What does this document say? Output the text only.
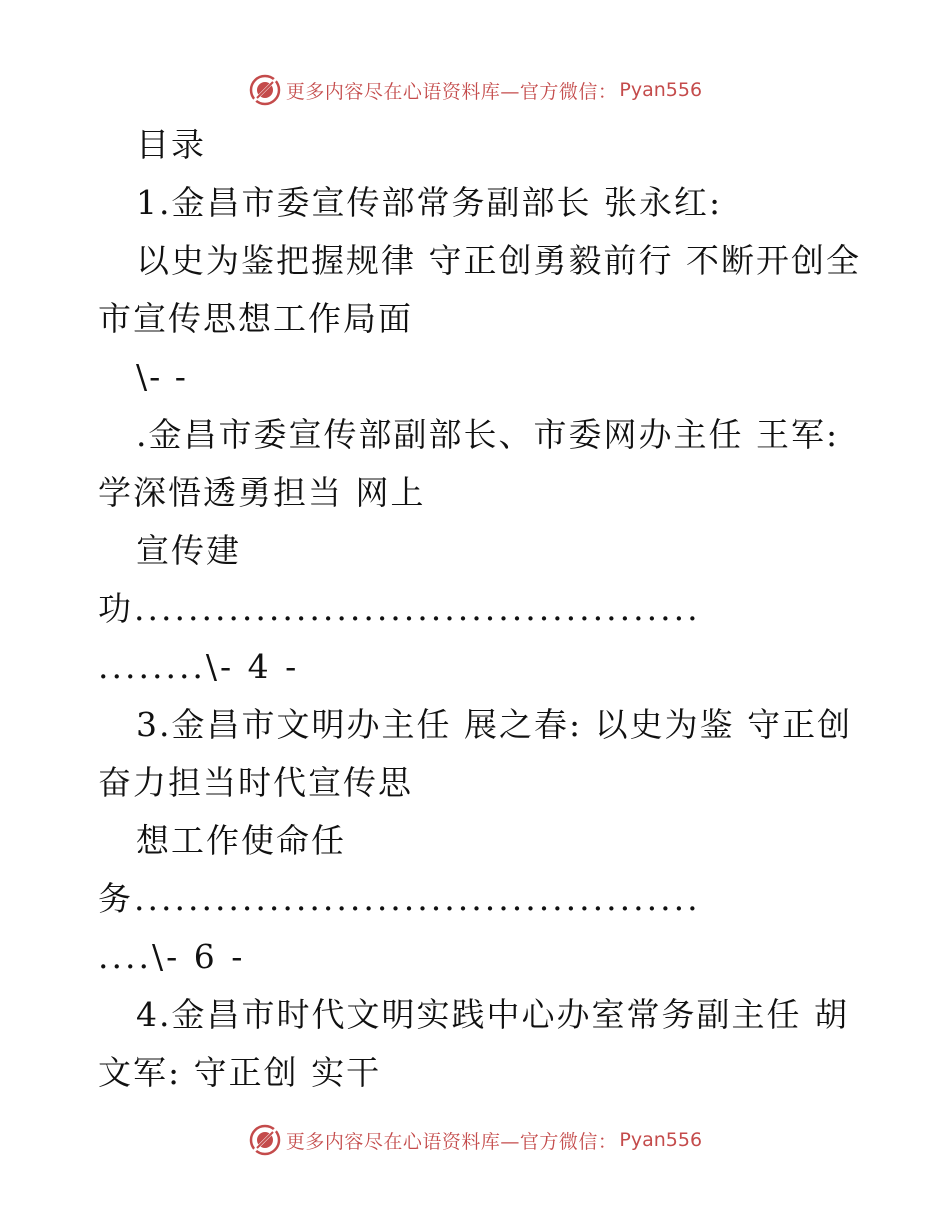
更多内容尽在心语资料库—官方微信： Pyan556
目录
1.金昌市委宣传部常务副部长 张永红:
以史为鉴把握规律 守正创勇毅前行 不断开创全
市宣传思想工作局面
\- -
.金昌市委宣传部副部长、市委网办主任 王军:
学深悟透勇担当 网上
宣传建
功..........................................
........\- 4 -
3.金昌市文明办主任 展之春: 以史为鉴 守正创
奋力担当时代宣传思
想工作使命任
务..........................................
....\- 6 -
4.金昌市时代文明实践中心办室常务副主任 胡
文军: 守正创 实干
更多内容尽在心语资料库—官方微信： Pyan556
